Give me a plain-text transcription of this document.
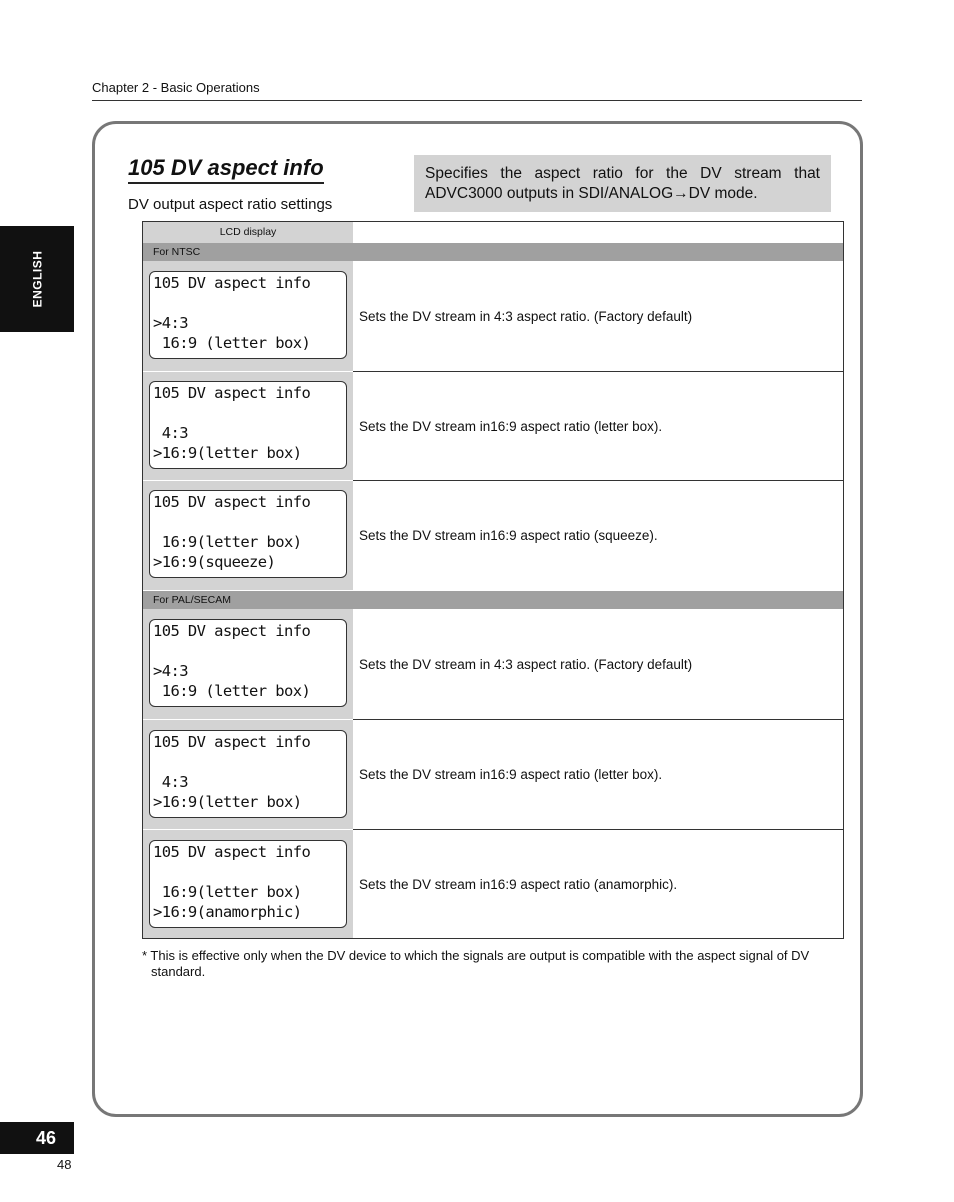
Chapter 2 - Basic Operations
ENGLISH
105 DV aspect info
DV output aspect ratio settings
Specifies the aspect ratio for the DV stream that ADVC3000 outputs in SDI/ANALOG→DV mode.
LCD display
For NTSC
105 DV aspect info
>4:3
16:9 (letter box)
Sets the DV stream in 4:3 aspect ratio. (Factory default)
105 DV aspect info
4:3
>16:9(letter box)
Sets the DV stream in16:9 aspect ratio (letter box).
105 DV aspect info
16:9(letter box)
>16:9(squeeze)
Sets the DV stream in16:9 aspect ratio (squeeze).
For PAL/SECAM
105 DV aspect info
>4:3
16:9 (letter box)
Sets the DV stream in 4:3 aspect ratio. (Factory default)
105 DV aspect info
4:3
>16:9(letter box)
Sets the DV stream in16:9 aspect ratio (letter box).
105 DV aspect info
16:9(letter box)
>16:9(anamorphic)
Sets the DV stream in16:9 aspect ratio (anamorphic).
* This is effective only when the DV device to which the signals are output is compatible with the aspect signal of DV standard.
46
48
